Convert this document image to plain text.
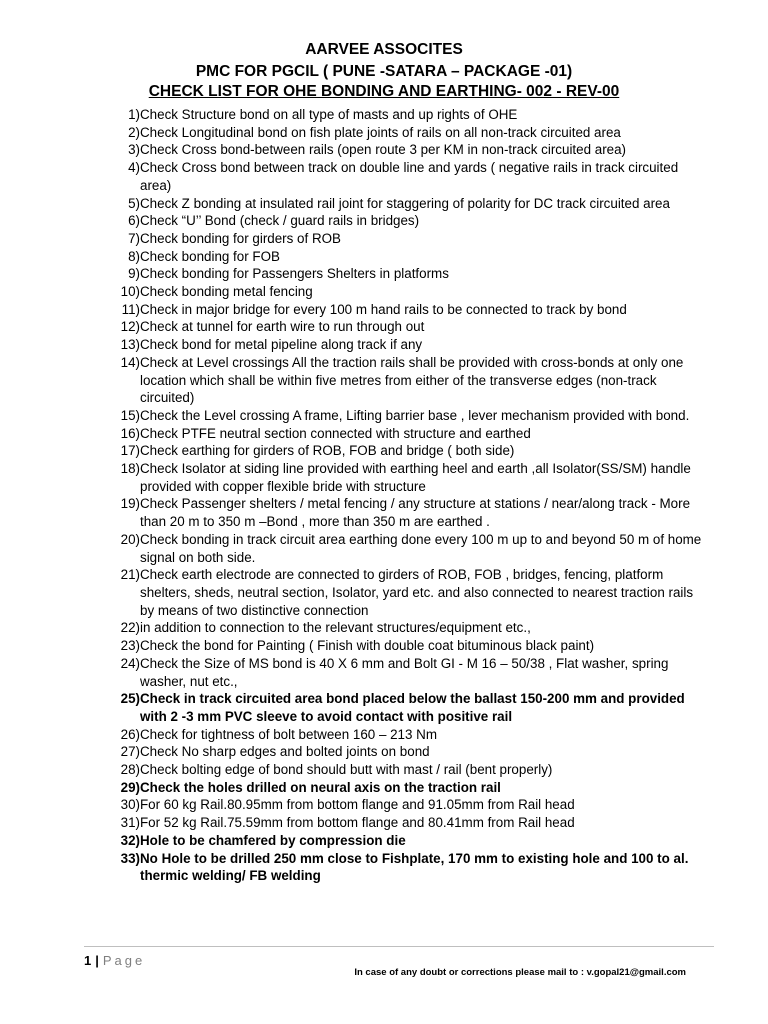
AARVEE ASSOCITES
PMC FOR PGCIL ( PUNE -SATARA – PACKAGE -01)
CHECK LIST FOR OHE BONDING AND EARTHING- 002 - REV-00
1) Check Structure bond on all type of masts and up rights of OHE
2) Check Longitudinal bond on fish plate joints of rails on all non-track circuited area
3) Check Cross bond-between rails (open route 3 per KM in non-track circuited area)
4) Check Cross bond between track on double line and yards ( negative rails in track circuited area)
5) Check Z bonding at insulated rail joint for staggering of polarity for DC track circuited area
6) Check “U’’ Bond (check / guard rails in bridges)
7) Check bonding for girders of ROB
8) Check bonding for FOB
9) Check bonding for Passengers Shelters in platforms
10) Check bonding metal fencing
11) Check in major bridge for every 100 m hand rails to be connected to track by bond
12) Check at tunnel for earth wire to run through out
13) Check bond for metal pipeline along track if any
14) Check at Level crossings All the traction rails shall be provided with cross-bonds at only one location which shall be within five metres from either of the transverse edges (non-track circuited)
15) Check the Level crossing A frame, Lifting barrier base , lever mechanism provided with bond.
16) Check PTFE neutral section connected with structure and earthed
17) Check earthing for girders of ROB, FOB and bridge ( both side)
18) Check Isolator at siding line provided with earthing heel and earth ,all Isolator(SS/SM) handle provided with copper flexible bride with structure
19) Check Passenger shelters / metal fencing / any structure at stations / near/along track - More than 20 m to 350 m –Bond , more than 350 m are earthed .
20) Check bonding in track circuit area earthing done every 100 m up to and beyond 50 m of home signal on both side.
21) Check earth electrode are connected to girders of ROB, FOB , bridges, fencing, platform shelters, sheds, neutral section, Isolator, yard etc. and also connected to nearest traction rails by means of two distinctive connection
22) in addition to connection to the relevant structures/equipment etc.,
23) Check the bond for Painting ( Finish with double coat bituminous black paint)
24) Check the Size of MS bond is 40 X 6 mm and Bolt GI - M 16 – 50/38 , Flat washer, spring washer, nut etc.,
25) Check in track circuited area bond placed below the ballast 150-200 mm and provided with 2 -3 mm PVC sleeve to avoid contact with positive rail
26) Check for tightness of bolt between 160 – 213 Nm
27) Check No sharp edges and bolted joints on bond
28) Check bolting edge of bond should butt with mast / rail (bent properly)
29) Check the holes drilled on neural axis on the traction rail
30) For 60 kg Rail.80.95mm from bottom flange and 91.05mm from Rail head
31) For 52 kg Rail.75.59mm from bottom flange and 80.41mm from Rail head
32) Hole to be chamfered by compression die
33) No Hole to be drilled 250 mm close to Fishplate, 170 mm to existing hole and 100 to al. thermic welding/ FB welding
1 | Page
In case of any doubt or corrections please mail to : v.gopal21@gmail.com
